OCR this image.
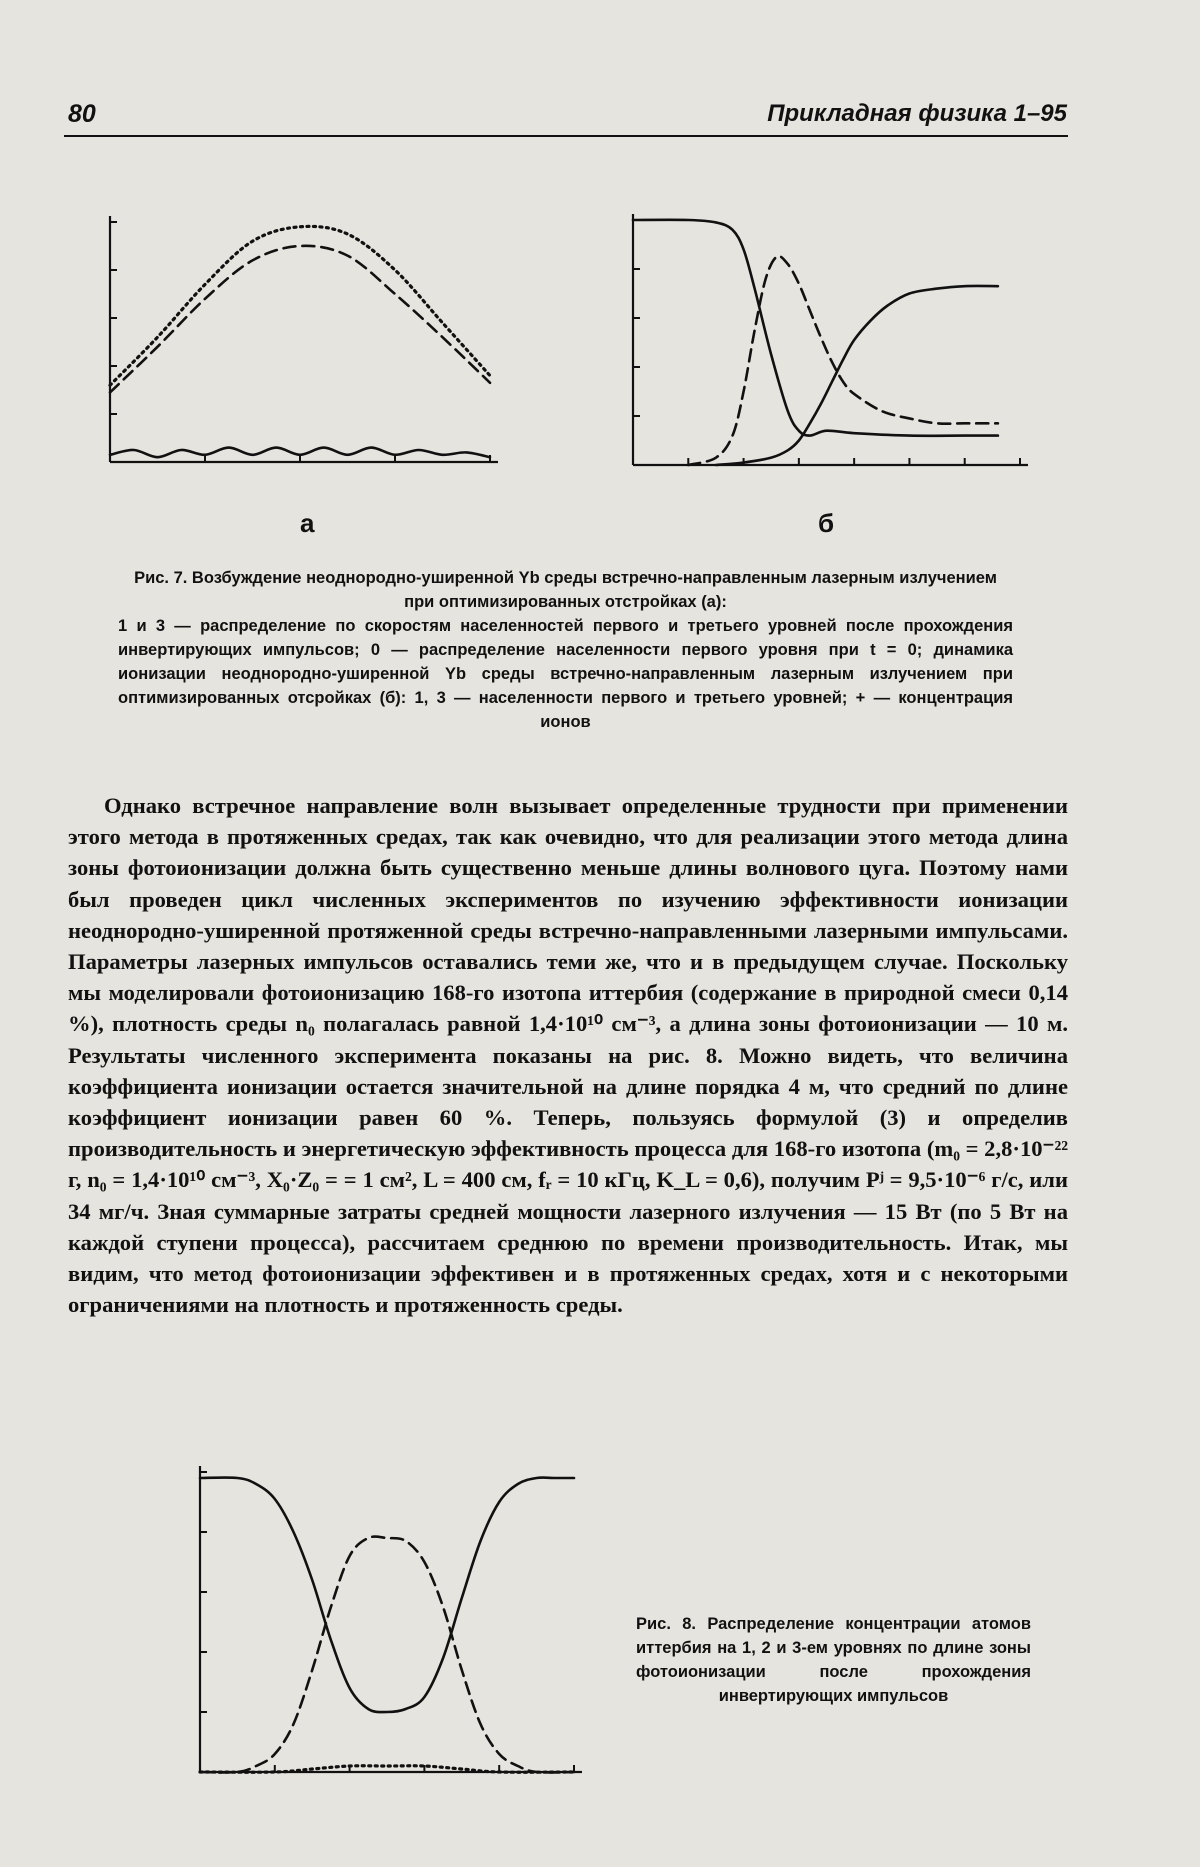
80	Прикладная физика 1–95
а	б

Рис. 7. Возбуждение неоднородно-уширенной Yb среды встречно-направленным лазерным излучением при оптимизированных отстройках (а):

1 и 3 — распределение по скоростям населенностей первого и третьего уровней после прохождения инвертирующих импульсов; 0 — распределение населенности первого уровня при t = 0; динамика ионизации неоднородно-уширенной Yb среды встречно-направленным лазерным излучением при оптимизированных отсройках (б): 1, 3 — населенности первого и третьего уровней; + — концентрация ионов

Однако встречное направление волн вызывает определенные трудности при применении этого метода в протяженных средах, так как очевидно, что для реализации этого метода длина зоны фотоионизации должна быть существенно меньше длины волнового цуга. Поэтому нами был проведен цикл численных экспериментов по изучению эффективности ионизации неоднородно-уширенной протяженной среды встречно-направленными лазерными импульсами. Параметры лазерных импульсов оставались теми же, что и в предыдущем случае. Поскольку мы моделировали фотоионизацию 168-го изотопа иттербия (содержание в природной смеси 0,14 %), плотность среды n₀ полагалась равной 1,4·10¹⁰ см⁻³, а длина зоны фотоионизации — 10 м. Результаты численного эксперимента показаны на рис. 8. Можно видеть, что величина коэффициента ионизации остается значительной на длине порядка 4 м, что средний по длине коэффициент ионизации равен 60 %. Теперь, пользуясь формулой (3) и определив производительность и энергетическую эффективность процесса для 168-го изотопа (m₀ = 2,8·10⁻²² г, n₀ = 1,4·10¹⁰ см⁻³, X₀·Z₀ = = 1 см², L = 400 см, fᵣ = 10 кГц, K_L = 0,6), получим Pʲ = 9,5·10⁻⁶ г/с, или 34 мг/ч. Зная суммарные затраты средней мощности лазерного излучения — 15 Вт (по 5 Вт на каждой ступени процесса), рассчитаем среднюю по времени производительность. Итак, мы видим, что метод фотоионизации эффективен и в протяженных средах, хотя и с некоторыми ограничениями на плотность и протяженность среды.

Рис. 8. Распределение концентрации атомов иттербия на 1, 2 и 3-ем уровнях по длине зоны фотоионизации после прохождения инвертирующих импульсов
